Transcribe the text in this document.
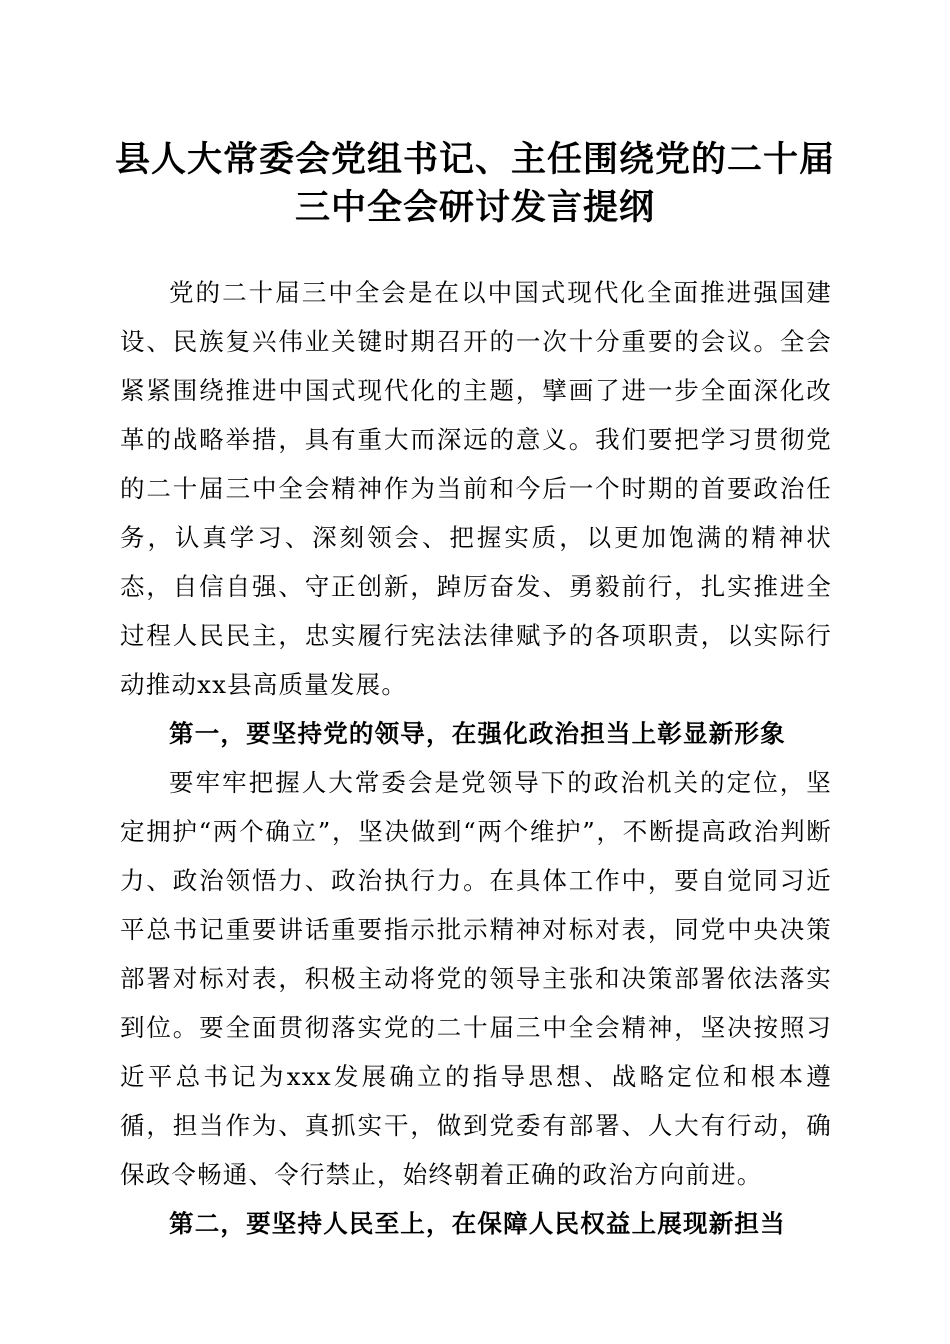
县人大常委会党组书记、主任围绕党的二十届
三中全会研讨发言提纲

党的二十届三中全会是在以中国式现代化全面推进强国建设、民族复兴伟业关键时期召开的一次十分重要的会议。全会紧紧围绕推进中国式现代化的主题，擘画了进一步全面深化改革的战略举措，具有重大而深远的意义。我们要把学习贯彻党的二十届三中全会精神作为当前和今后一个时期的首要政治任务，认真学习、深刻领会、把握实质，以更加饱满的精神状态，自信自强、守正创新，踔厉奋发、勇毅前行，扎实推进全过程人民民主，忠实履行宪法法律赋予的各项职责，以实际行动推动xx县高质量发展。

第一，要坚持党的领导，在强化政治担当上彰显新形象

要牢牢把握人大常委会是党领导下的政治机关的定位，坚定拥护“两个确立”，坚决做到“两个维护”，不断提高政治判断力、政治领悟力、政治执行力。在具体工作中，要自觉同习近平总书记重要讲话重要指示批示精神对标对表，同党中央决策部署对标对表，积极主动将党的领导主张和决策部署依法落实到位。要全面贯彻落实党的二十届三中全会精神，坚决按照习近平总书记为xxx发展确立的指导思想、战略定位和根本遵循，担当作为、真抓实干，做到党委有部署、人大有行动，确保政令畅通、令行禁止，始终朝着正确的政治方向前进。

第二，要坚持人民至上，在保障人民权益上展现新担当
